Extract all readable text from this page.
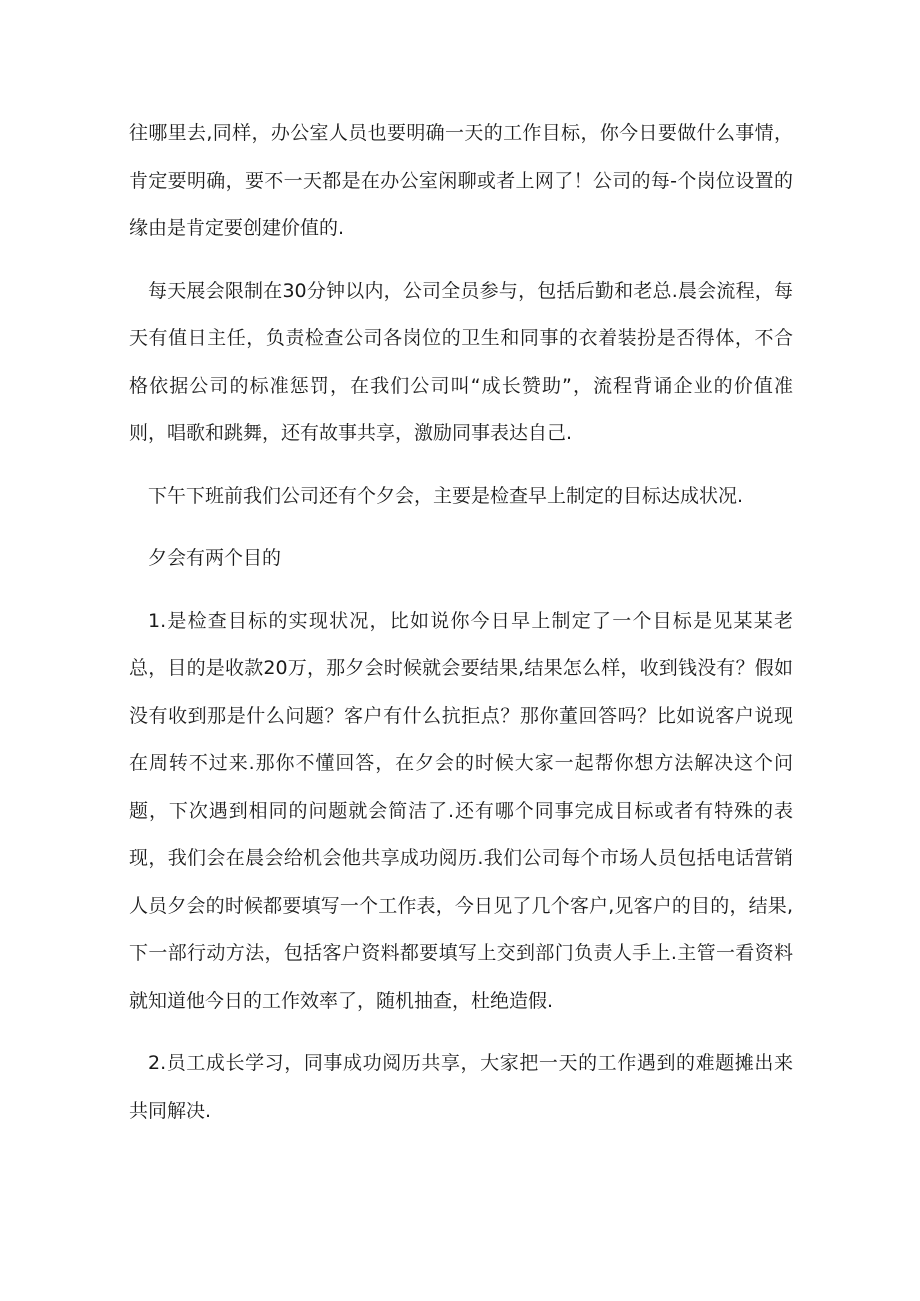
往哪里去,同样，办公室人员也要明确一天的工作目标，你今日要做什么事情，肯定要明确，要不一天都是在办公室闲聊或者上网了！公司的每-个岗位设置的缘由是肯定要创建价值的.

每天展会限制在30分钟以内，公司全员参与，包括后勤和老总.晨会流程，每天有值日主任，负责检查公司各岗位的卫生和同事的衣着装扮是否得体，不合格依据公司的标准惩罚，在我们公司叫“成长赞助”，流程背诵企业的价值准则，唱歌和跳舞，还有故事共享，激励同事表达自己.

下午下班前我们公司还有个夕会，主要是检查早上制定的目标达成状况.

夕会有两个目的

1.是检查目标的实现状况，比如说你今日早上制定了一个目标是见某某老总，目的是收款20万，那夕会时候就会要结果,结果怎么样，收到钱没有？假如没有收到那是什么问题？客户有什么抗拒点？那你董回答吗？比如说客户说现在周转不过来.那你不懂回答，在夕会的时候大家一起帮你想方法解决这个问题，下次遇到相同的问题就会简洁了.还有哪个同事完成目标或者有特殊的表现，我们会在晨会给机会他共享成功阅历.我们公司每个市场人员包括电话营销人员夕会的时候都要填写一个工作表，今日见了几个客户,见客户的目的，结果,下一部行动方法，包括客户资料都要填写上交到部门负责人手上.主管一看资料就知道他今日的工作效率了，随机抽查，杜绝造假.

2.员工成长学习，同事成功阅历共享，大家把一天的工作遇到的难题摊出来共同解决.
